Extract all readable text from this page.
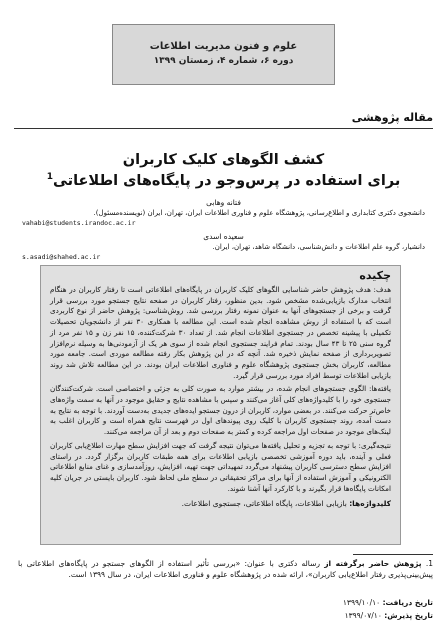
علوم و فنون مدیریت اطلاعات
دوره ۶، شماره ۴، زمستان ۱۳۹۹
مقاله پژوهشی
کشف الگوهای کلیک کاربران
برای استفاده در پرس‌وجو در پایگاه‌های اطلاعاتی$^1$
فتانه وهابی
دانشجوی دکتری کتابداری و اطلاع‌رسانی، پژوهشگاه علوم و فناوری اطلاعات ایران، تهران، ایران (نویسنده‌مسئول).
vahabi@students.irandoc.ac.ir
سعیده اسدی
دانشیار، گروه علم اطلاعات و دانش‌شناسی، دانشگاه شاهد، تهران، ایران.
s.asadi@shahed.ac.ir
چکیده

هدف: هدف پژوهش حاضر شناسایی الگوهای کلیک کاربران در پایگاه‌های اطلاعاتی است تا رفتار کاربران در هنگام انتخاب مدارک بازیابی‌شده مشخص شود. بدین منظور، رفتار کاربران در صفحه نتایج جستجو مورد بررسی قرار گرفت و برخی از جستجوهای آنها به عنوان نمونه رفتار بررسی شد. روش‌شناسی: پژوهش حاضر از نوع کاربردی است که با استفاده از روش مشاهده انجام شده است. این مطالعه با همکاری ۳۰ نفر از دانشجویان تحصیلات تکمیلی با پیشینه تخصص در جستجوی اطلاعات انجام شد. از تعداد ۳۰ شرکت‌کننده، ۱۵ نفر زن و ۱۵ نفر مرد از گروه سنی ۲۵ تا ۴۳ سال بودند. تمام فرایند جستجوی انجام شده از سوی هر یک از آزمودنی‌ها به وسیله نرم‌افزار تصویربرداری از صفحه نمایش ذخیره شد. آنچه که در این پژوهش بکار رفته مطالعه موردی است. جامعه مورد مطالعه، کاربران بخش جستجوی پژوهشگاه علوم و فناوری اطلاعات ایران بودند. در این مطالعه تلاش شد روند بازیابی اطلاعات توسط افراد مورد بررسی قرار گیرد.

یافته‌ها: الگوی جستجوهای انجام شده، در بیشتر موارد به صورت کلی به جزئی و اختصاصی است. شرکت‌کنندگان جستجوی خود را با کلیدواژه‌های کلی آغاز می‌کنند و سپس با مشاهده نتایج و حقایق موجود در آنها به سمت واژه‌های خاص‌تر حرکت می‌کنند. در بعضی موارد، کاربران از درون جستجو ایده‌های جدیدی به‌دست آوردند. با توجه به نتایج به دست آمده، روند جستجوی کاربران با کلیک روی پیوندهای اول در فهرست نتایج همراه است و کاربران اغلب به لینک‌های موجود در صفحات اول مراجعه کرده و کمتر به صفحات دوم و بعد از آن مراجعه می‌کنند.

نتیجه‌گیری: با توجه به تجزیه و تحلیل یافته‌ها می‌توان نتیجه گرفت که جهت افزایش سطح مهارت اطلاع‌یابی کاربران فعلی و آینده، باید دوره آموزشی تخصصی بازیابی اطلاعات برای همه طبقات کاربران برگزار گردد. در راستای افزایش سطح دسترسی کاربران پیشنهاد می‌گردد تمهیداتی جهت تهیه، افزایش، روزآمدسازی و غنای منابع اطلاعاتی الکترونیکی و آموزش استفاده از آنها برای مراکز تحقیقاتی در سطح ملی لحاظ شود. کاربران بایستی در جریان کلیه امکانات پایگاه‌ها قرار بگیرند و با کارکرد آنها آشنا شوند.

کلیدواژه‌ها: بازیابی اطلاعات، پایگاه اطلاعاتی، جستجوی اطلاعات.
1. پژوهش حاضر برگرفته از رساله دکتری با عنوان: «بررسی تأثیر استفاده از الگوهای جستجو در پایگاه‌های اطلاعاتی با پیش‌بینی‌پذیری رفتار اطلاع‌یابی کاربران»، ارائه شده در پژوهشگاه علوم و فناوری اطلاعات ایران، در سال ۱۳۹۹ است.
تاریخ دریافت: ۱۳۹۹/۱۰/۱۰
تاریخ پذیرش: ۱۳۹۹/۰۷/۱۰
